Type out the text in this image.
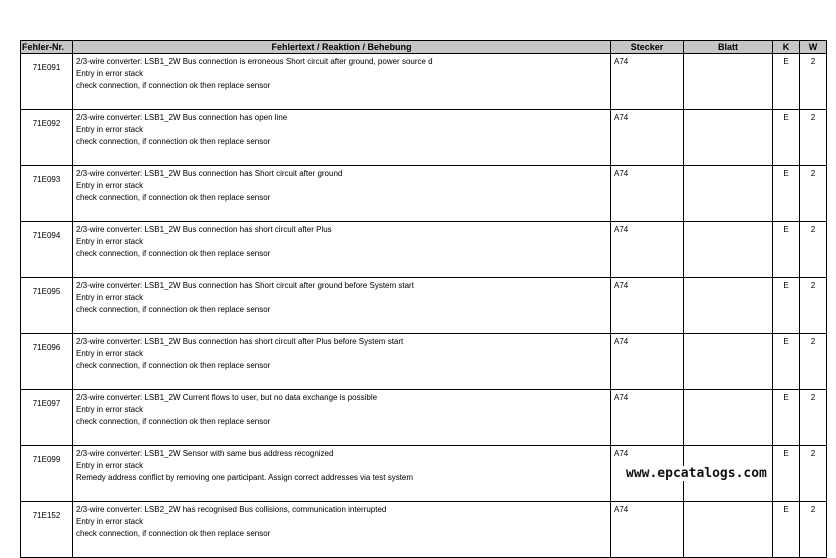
Fehler-Nr.	Fehlertext / Reaktion / Behebung	Stecker	Blatt	K	W
71E091	2/3-wire converter: LSB1_2W Bus connection is erroneous Short circuit after ground, power source d
Entry in error stack
check connection, if connection ok then replace sensor	A74		E	2
71E092	2/3-wire converter: LSB1_2W Bus connection has open line
Entry in error stack
check connection, if connection ok then replace sensor	A74		E	2
71E093	2/3-wire converter: LSB1_2W Bus connection has Short circuit after ground
Entry in error stack
check connection, if connection ok then replace sensor	A74		E	2
71E094	2/3-wire converter: LSB1_2W Bus connection has short circuit after Plus
Entry in error stack
check connection, if connection ok then replace sensor	A74		E	2
71E095	2/3-wire converter: LSB1_2W Bus connection has Short circuit after ground before System start
Entry in error stack
check connection, if connection ok then replace sensor	A74		E	2
71E096	2/3-wire converter: LSB1_2W Bus connection has short circuit after Plus before System start
Entry in error stack
check connection, if connection ok then replace sensor	A74		E	2
71E097	2/3-wire converter: LSB1_2W Current flows to user, but no data exchange is possible
Entry in error stack
check connection, if connection ok then replace sensor	A74		E	2
71E099	2/3-wire converter: LSB1_2W Sensor with same bus address recognized
Entry in error stack
Remedy address conflict by removing one participant. Assign correct addresses via test system	A74		E	2
71E152	2/3-wire converter: LSB2_2W has recognised Bus collisions, communication interrupted
Entry in error stack
check connection, if connection ok then replace sensor	A74		E	2
www.epcatalogs.com
